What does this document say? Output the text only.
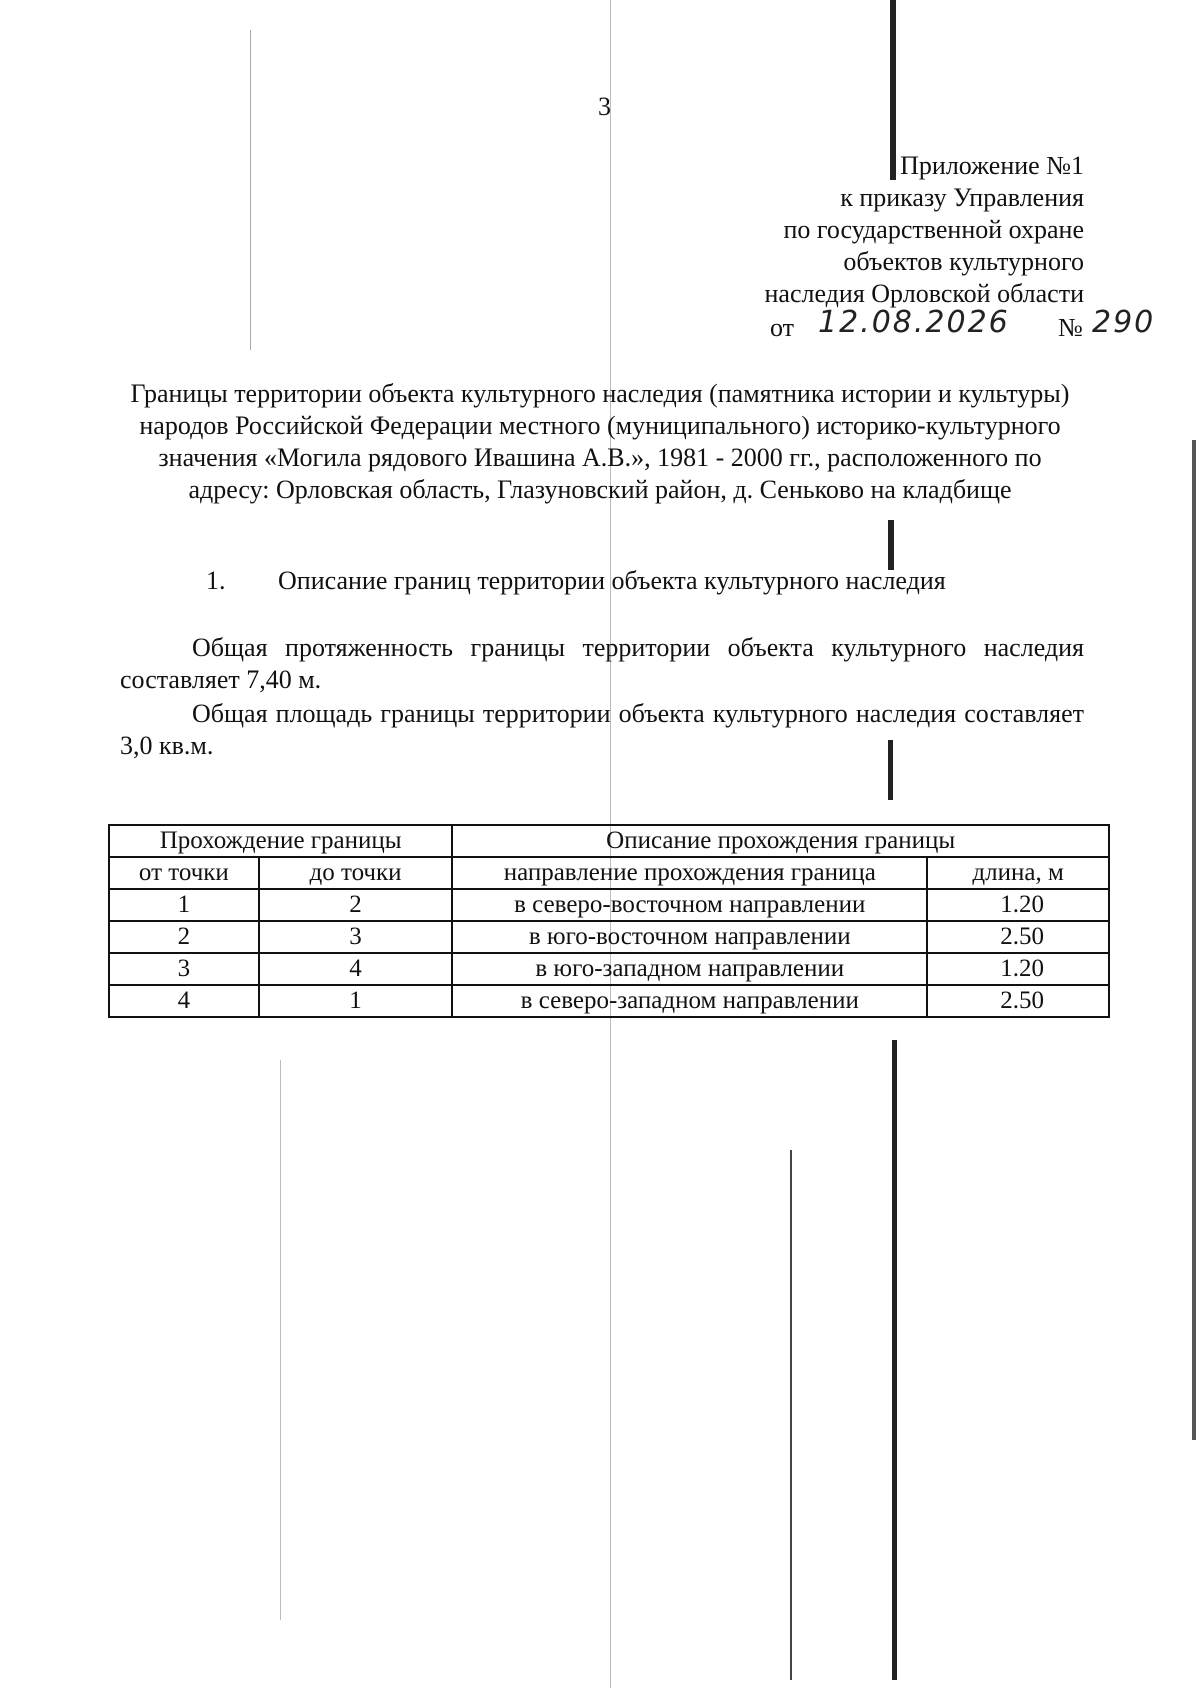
3
Приложение №1
к приказу Управления
по государственной охране
объектов культурного
наследия Орловской области
от 12.08.2026 № 290
Границы территории объекта культурного наследия (памятника истории и культуры) народов Российской Федерации местного (муниципального) историко-культурного значения «Могила рядового Ивашина А.В.», 1981 - 2000 гг., расположенного по адресу: Орловская область, Глазуновский район, д. Сеньково на кладбище
1. Описание границ территории объекта культурного наследия
Общая протяженность границы территории объекта культурного наследия составляет 7,40 м.
Общая площадь границы территории объекта культурного наследия составляет 3,0 кв.м.
Прохождение границы		Описание прохождения границы	
от точки	до точки	направление прохождения граница	длина, м
1	2	в северо-восточном направлении	1.20
2	3	в юго-восточном направлении	2.50
3	4	в юго-западном направлении	1.20
4	1	в северо-западном направлении	2.50
